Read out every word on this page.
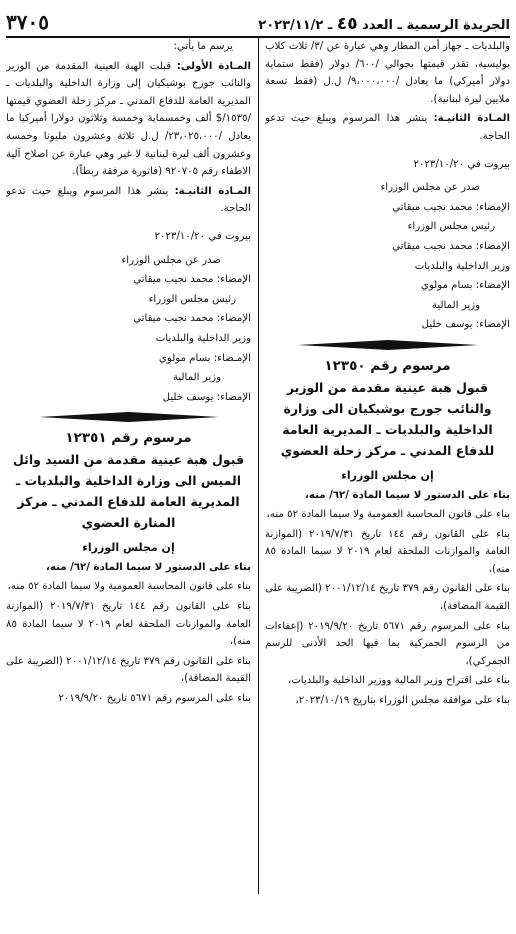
الجريدة الرسمية ـ العدد ٤٥ ـ ٢٠٢٣/١١/٢
٣٧٠٥

والبلديات ـ جهاز أمن المطار وهي عبارة عن /٣/ ثلاث كلاب بوليسية، تقدر قيمتها بحوالي /٦٠٠/ دولار (فقط ستماية دولار أميركي) ما يعادل /٩،٠٠٠،٠٠٠/ ل.ل (فقط تسعة ملايين ليرة لبنانية).

المـادة الثانيـة: ينشر هذا المرسوم ويبلغ حيث تدعو الحاجة.

بيروت في ٢٠٢٣/١٠/٢٠

صدر عن مجلس الوزراء

الإمضاء: محمد نجيب ميقاتي

رئيس مجلس الوزراء

الإمضاء: محمد نجيب ميقاتي

وزير الداخلية والبلديات

الإمضاء: بسام مولوي

وزير المالية

الإمضاء: يوسف خليل

مرسوم رقم ١٢٣٥٠
قبول هبة عينية مقدمة من الوزير والنائب جورج بوشيكيان الى وزارة الداخلية والبلديات ـ المديرية العامة للدفاع المدني ـ مركز زحلة العضوي

إن مجلس الوزراء

بناء على الدستور لا سيما المادة /٦٢/ منه،

بناء على قانون المحاسبة العمومية ولا سيما المادة ٥٢ منه،

بناء على القانون رقم ١٤٤ تاريخ ٢٠١٩/٧/٣١ (الموازنة العامة والموازنات الملحقة لعام ٢٠١٩ لا سيما المادة ٨٥ منه)،

بناء على القانون رقم ٣٧٩ تاريخ ٢٠٠١/١٢/١٤ (الضريبة على القيمة المضافة)،

بناء على المرسوم رقم ٥٦٧١ تاريخ ٢٠١٩/٩/٢٠ (إعفاءات من الرسوم الجمركية بما فيها الحد الأدنى للرسم الجمركي)،

بناء على اقتراح وزير المالية ووزير الداخلية والبلديات،

بناء على موافقة مجلس الوزراء بتاريخ ٢٠٢٣/١٠/١٩،

يرسم ما يأتي:

المـادة الأولى: قبلت الهبة العينية المقدمة من الوزير والنائب جورج بوشيكيان إلى وزارة الداخلية والبلديات ـ المديرية العامة للدفاع المدني ـ مركز زحلة العضوي قيمتها /١٥٣٥/$ ألف وخمسماية وخمسة وثلاثون دولارا أميركيا ما يعادل /٢٣،٠٢٥،٠٠٠/ ل.ل ثلاثة وعشرون مليونا وخمسة وعشرون ألف ليرة لبنانية لا غير وهي عبارة عن اصلاح آلية الاطفاء رقم ٩٢٠٧٠٥ (فاتورة مرفقة ربطاً).

المـادة الثانيـة: ينشر هذا المرسوم ويبلغ حيث تدعو الحاجة.

بيروت في ٢٠٢٣/١٠/٢٠

صدر عن مجلس الوزراء

الإمضاء: محمد نجيب ميقاتي

رئيس مجلس الوزراء

الإمضاء: محمد نجيب ميقاتي

وزير الداخلية والبلديات

الإمـضاء: بسام مولوي

وزير المالية

الإمضاء: يوسف خليل

مرسوم رقم ١٢٣٥١
قبول هبة عينية مقدمة من السيد وائل الميس الى وزارة الداخلية والبلديات ـ المديرية العامة للدفاع المدني ـ مركز المنارة العضوي

إن مجلس الوزراء

بناء على الدستور لا سيما المادة /٦٢/ منه،

بناء على قانون المحاسبة العمومية ولا سيما المادة ٥٢ منه،

بناء على القانون رقم ١٤٤ تاريخ ٢٠١٩/٧/٣١ (الموازنة العامة والموازنات الملحقة لعام ٢٠١٩ لا سيما المادة ٨٥ منه)،

بناء على القانون رقم ٣٧٩ تاريخ ٢٠٠١/١٢/١٤ (الضريبة على القيمة المضافة)،

بناء على المرسوم رقم ٥٦٧١ تاريخ ٢٠١٩/٩/٢٠
